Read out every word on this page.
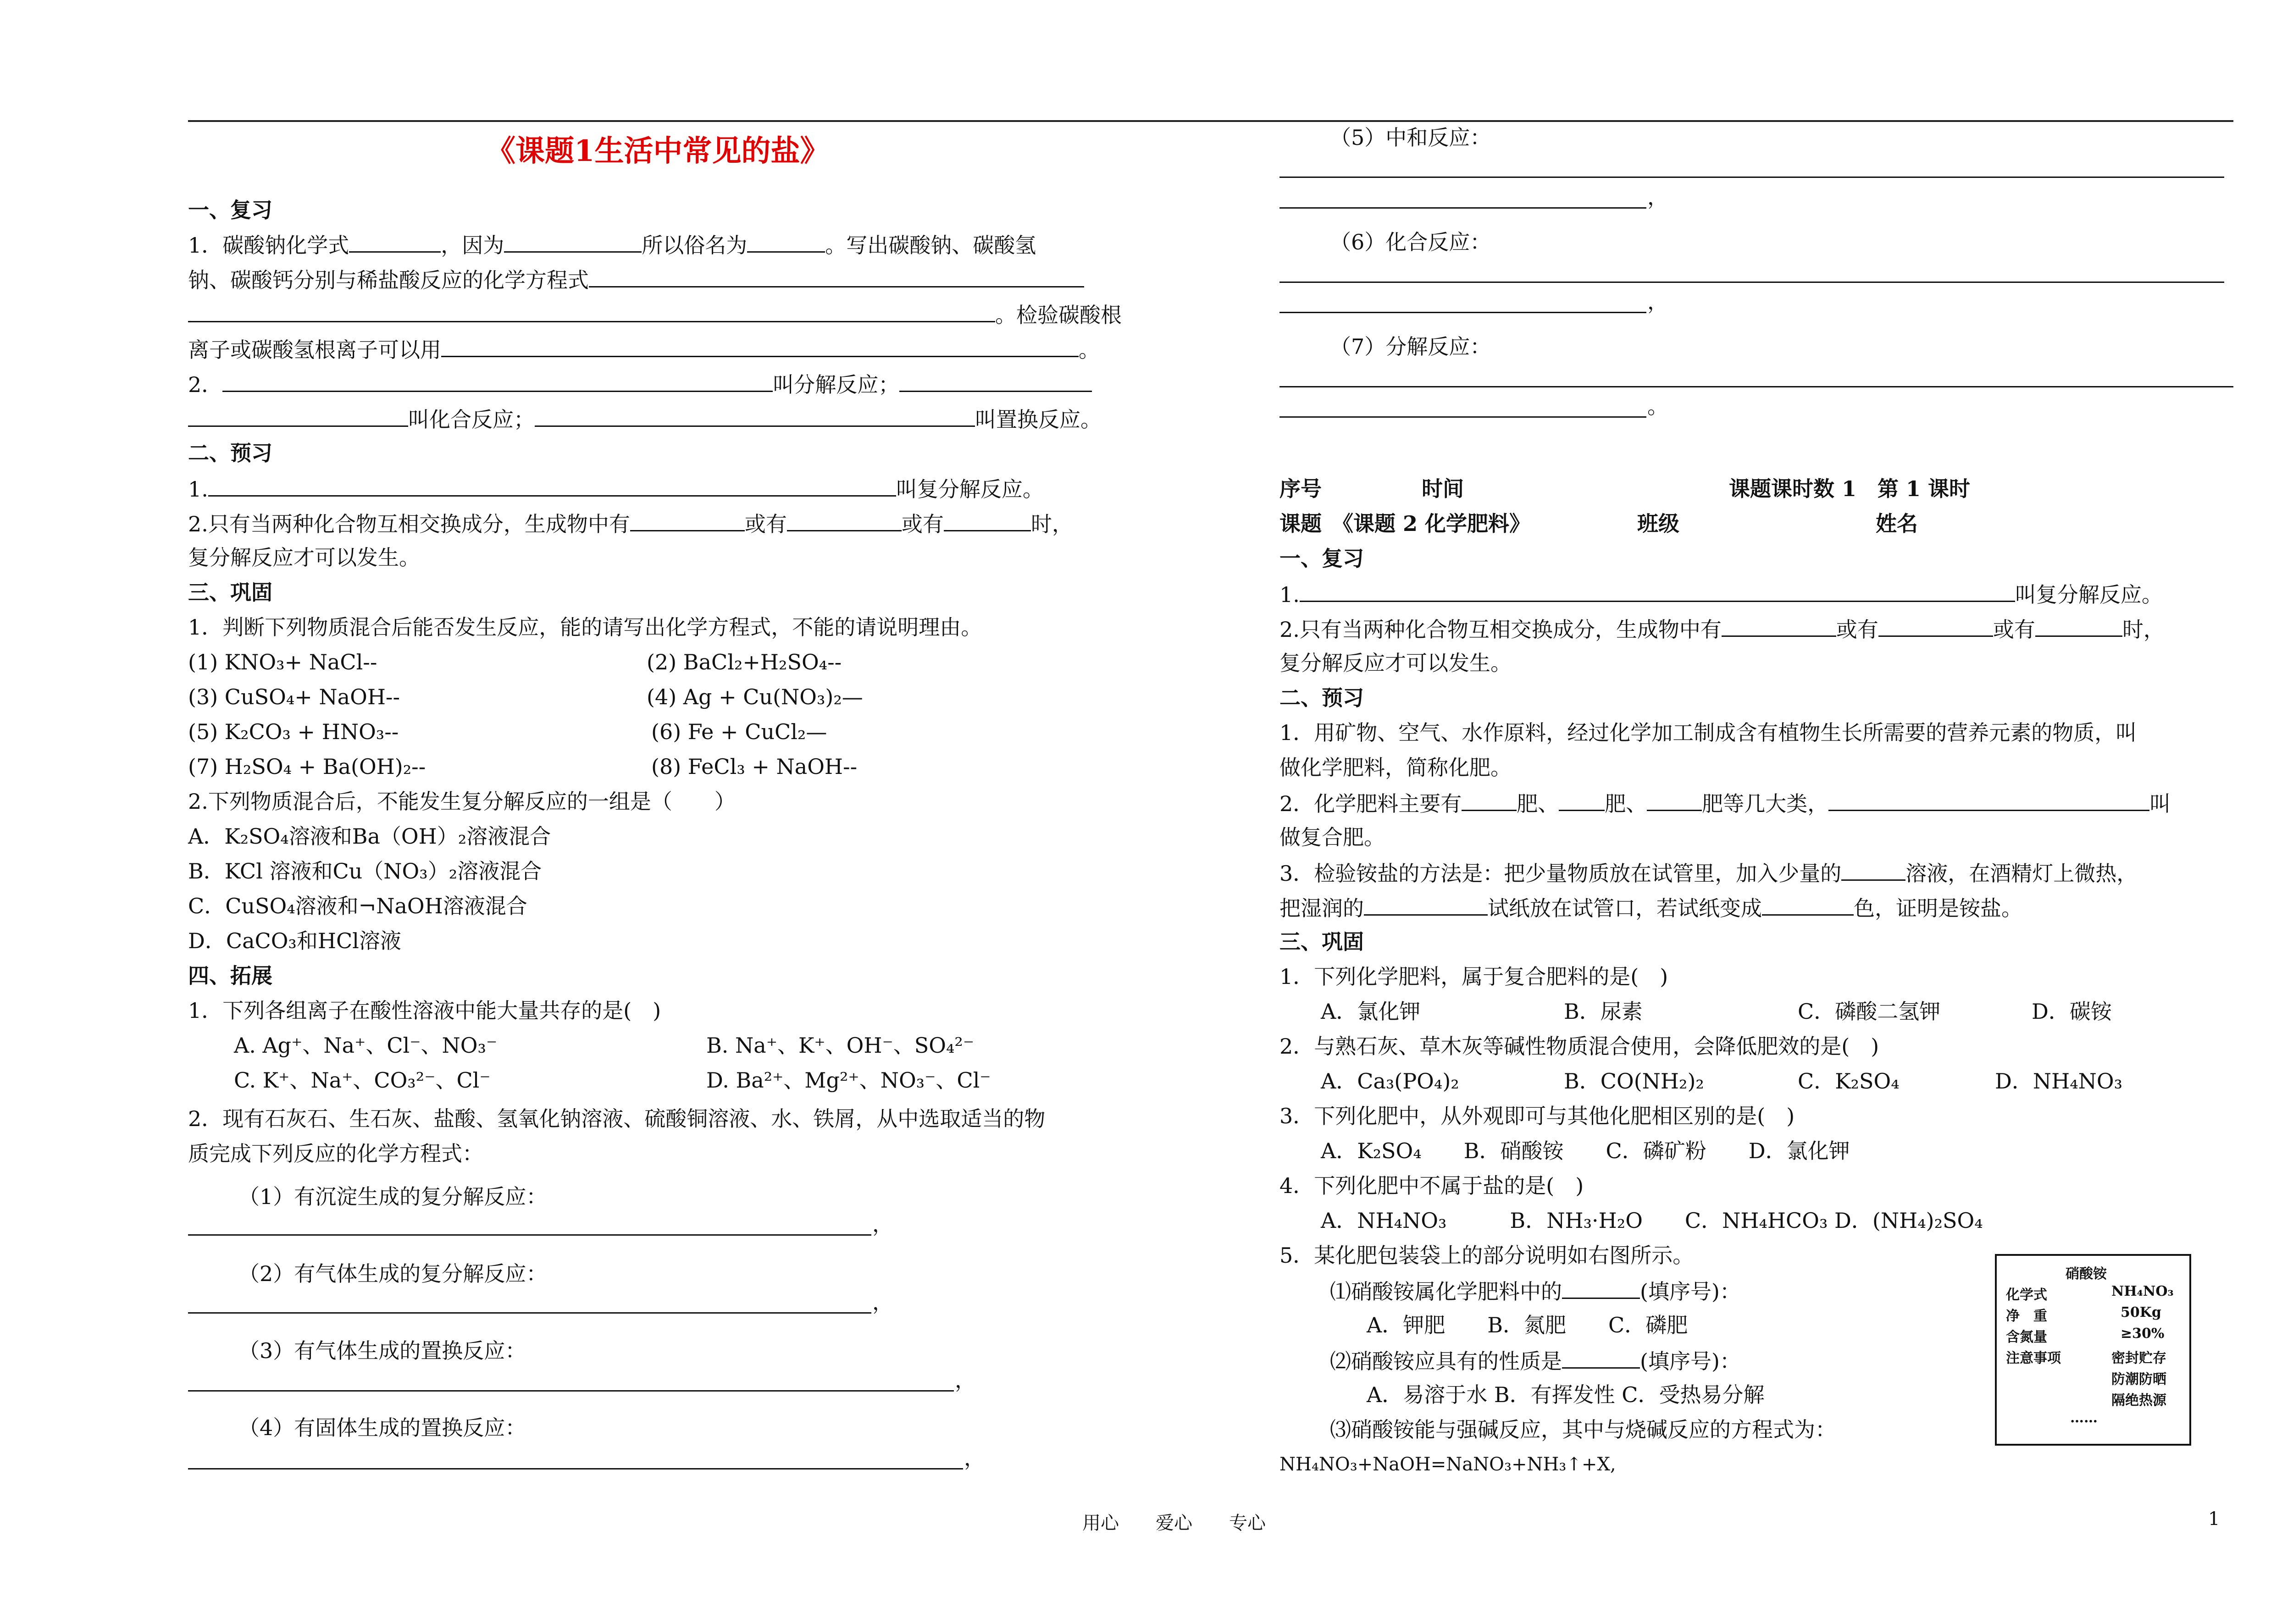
《课题1生活中常见的盐》
一、复习
1．碳酸钠化学式	，因为	所以俗名为	。写出碳酸钠、碳酸氢
钠、碳酸钙分别与稀盐酸反应的化学方程式
。检验碳酸根
离子或碳酸氢根离子可以用	。
2．	叫分解反应；
叫化合反应；	叫置换反应。
二、预习
1.	叫复分解反应。
2.只有当两种化合物互相交换成分，生成物中有	或有	或有	时，
复分解反应才可以发生。
三、巩固
1．判断下列物质混合后能否发生反应，能的请写出化学方程式，不能的请说明理由。
(1) KNO₃+ NaCl--	(2) BaCl₂+H₂SO₄--
(3) CuSO₄+ NaOH--	(4) Ag + Cu(NO₃)₂—
(5) K₂CO₃ + HNO₃--	(6) Fe + CuCl₂—
(7) H₂SO₄ + Ba(OH)₂--	(8) FeCl₃ + NaOH--
2.下列物质混合后，不能发生复分解反应的一组是（　　）
A．K₂SO₄溶液和Ba（OH）₂溶液混合
B．KCl 溶液和Cu（NO₃）₂溶液混合
C．CuSO₄溶液和¬NaOH溶液混合
D．CaCO₃和HCl溶液
四、拓展
1．下列各组离子在酸性溶液中能大量共存的是(　)
A. Ag⁺、Na⁺、Cl⁻、NO₃⁻	B. Na⁺、K⁺、OH⁻、SO₄²⁻
C. K⁺、Na⁺、CO₃²⁻、Cl⁻	D. Ba²⁺、Mg²⁺、NO₃⁻、Cl⁻
2．现有石灰石、生石灰、盐酸、氢氧化钠溶液、硫酸铜溶液、水、铁屑，从中选取适当的物
质完成下列反应的化学方程式：
（1）有沉淀生成的复分解反应：
，
（2）有气体生成的复分解反应：
，
（3）有气体生成的置换反应：
，
（4）有固体生成的置换反应：
，
（5）中和反应：
，
（6）化合反应：
，
（7）分解反应：
。
序号	时间	课题课时数 1　第 1 课时
课题　《课题 2 化学肥料》	班级	姓名
一、复习
1.	叫复分解反应。
2.只有当两种化合物互相交换成分，生成物中有	或有	或有	时，
复分解反应才可以发生。
二、预习
1．用矿物、空气、水作原料，经过化学加工制成含有植物生长所需要的营养元素的物质，叫
做化学肥料，简称化肥。
2．化学肥料主要有	肥、 肥、	肥等几大类，	叫
做复合肥。
3．检验铵盐的方法是：把少量物质放在试管里，加入少量的	溶液，在酒精灯上微热，
把湿润的	试纸放在试管口，若试纸变成	色，证明是铵盐。
三、巩固
1．下列化学肥料，属于复合肥料的是(　)
A．氯化钾	B．尿素	C．磷酸二氢钾	D．碳铵
2．与熟石灰、草木灰等碱性物质混合使用，会降低肥效的是(　)
A．Ca₃(PO₄)₂	B．CO(NH₂)₂	C．K₂SO₄	D．NH₄NO₃
3．下列化肥中，从外观即可与其他化肥相区别的是(　)
A．K₂SO₄　　B．硝酸铵　　C．磷矿粉　　D．氯化钾
4．下列化肥中不属于盐的是(　)
A．NH₄NO₃　　　B．NH₃·H₂O　　C．NH₄HCO₃ D．(NH₄)₂SO₄
5．某化肥包装袋上的部分说明如右图所示。
⑴硝酸铵属化学肥料中的	(填序号)：
A．钾肥　　B．氮肥　　C．磷肥
⑵硝酸铵应具有的性质是	(填序号)：
A．易溶于水 B．有挥发性 C．受热易分解
⑶硝酸铵能与强碱反应，其中与烧碱反应的方程式为：
NH₄NO₃+NaOH=NaNO₃+NH₃↑+X,
硝酸铵
化学式	NH₄NO₃
净　重	50Kg
含氮量	≥30%
注意事项	密封贮存
防潮防晒
隔绝热源
……
用心　　爱心　　专心	1
